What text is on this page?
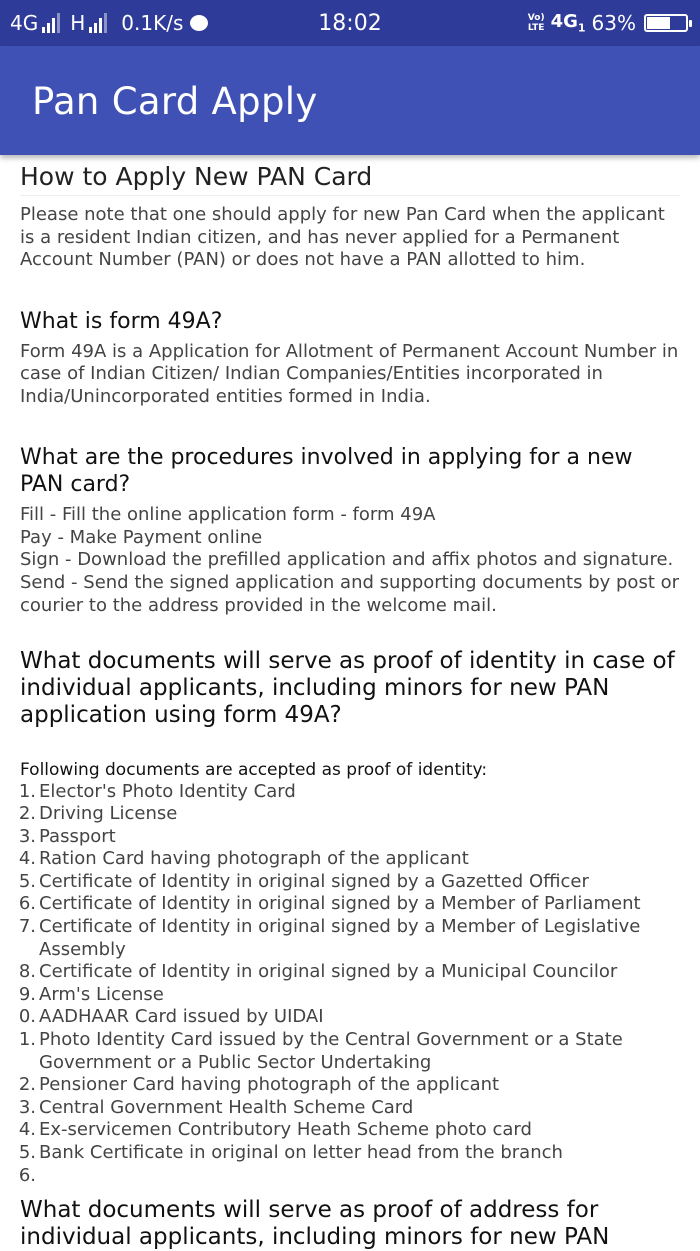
4G H 0.1K/s	18:02	Vo)
LTE $4G_1$ 63%
Pan Card Apply
How to Apply New PAN Card

Please note that one should apply for new Pan Card when the applicant is a resident Indian citizen, and has never applied for a Permanent Account Number (PAN) or does not have a PAN allotted to him.

What is form 49A?

Form 49A is a Application for Allotment of Permanent Account Number in case of Indian Citizen/ Indian Companies/Entities incorporated in India/Unincorporated entities formed in India.

What are the procedures involved in applying for a new PAN card?
Fill - Fill the online application form - form 49A
Pay - Make Payment online
Sign - Download the prefilled application and affix photos and signature.
Send - Send the signed application and supporting documents by post or courier to the address provided in the welcome mail.
What documents will serve as proof of identity in case of individual applicants, including minors for new PAN application using form 49A?
Following documents are accepted as proof of identity:
1. Elector's Photo Identity Card
2. Driving License
3. Passport
4. Ration Card having photograph of the applicant
5. Certificate of Identity in original signed by a Gazetted Officer
6. Certificate of Identity in original signed by a Member of Parliament
7. Certificate of Identity in original signed by a Member of Legislative Assembly
8. Certificate of Identity in original signed by a Municipal Councilor
9. Arm's License
0. AADHAAR Card issued by UIDAI
1. Photo Identity Card issued by the Central Government or a State Government or a Public Sector Undertaking
2. Pensioner Card having photograph of the applicant
3. Central Government Health Scheme Card
4. Ex-servicemen Contributory Heath Scheme photo card
5. Bank Certificate in original on letter head from the branch
6.

What documents will serve as proof of address for individual applicants, including minors for new PAN
